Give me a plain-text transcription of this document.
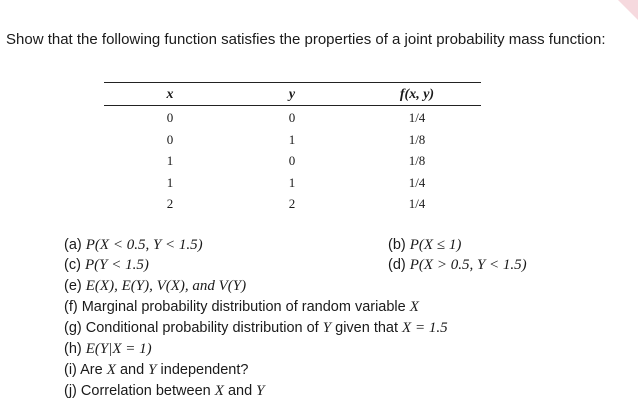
Show that the following function satisfies the properties of a joint probability mass function:

x	y	f(x, y)
0	0	1/4
0	1	1/8
1	0	1/8
1	1	1/4
2	2	1/4
(a) P(X < 0.5, Y < 1.5)	(b) P(X ≤ 1)
(c) P(Y < 1.5)	(d) P(X > 0.5, Y < 1.5)
(e) E(X), E(Y), V(X), and V(Y)
(f) Marginal probability distribution of random variable X
(g) Conditional probability distribution of Y given that X = 1.5
(h) E(Y|X = 1)
(i) Are X and Y independent?
(j) Correlation between X and Y
